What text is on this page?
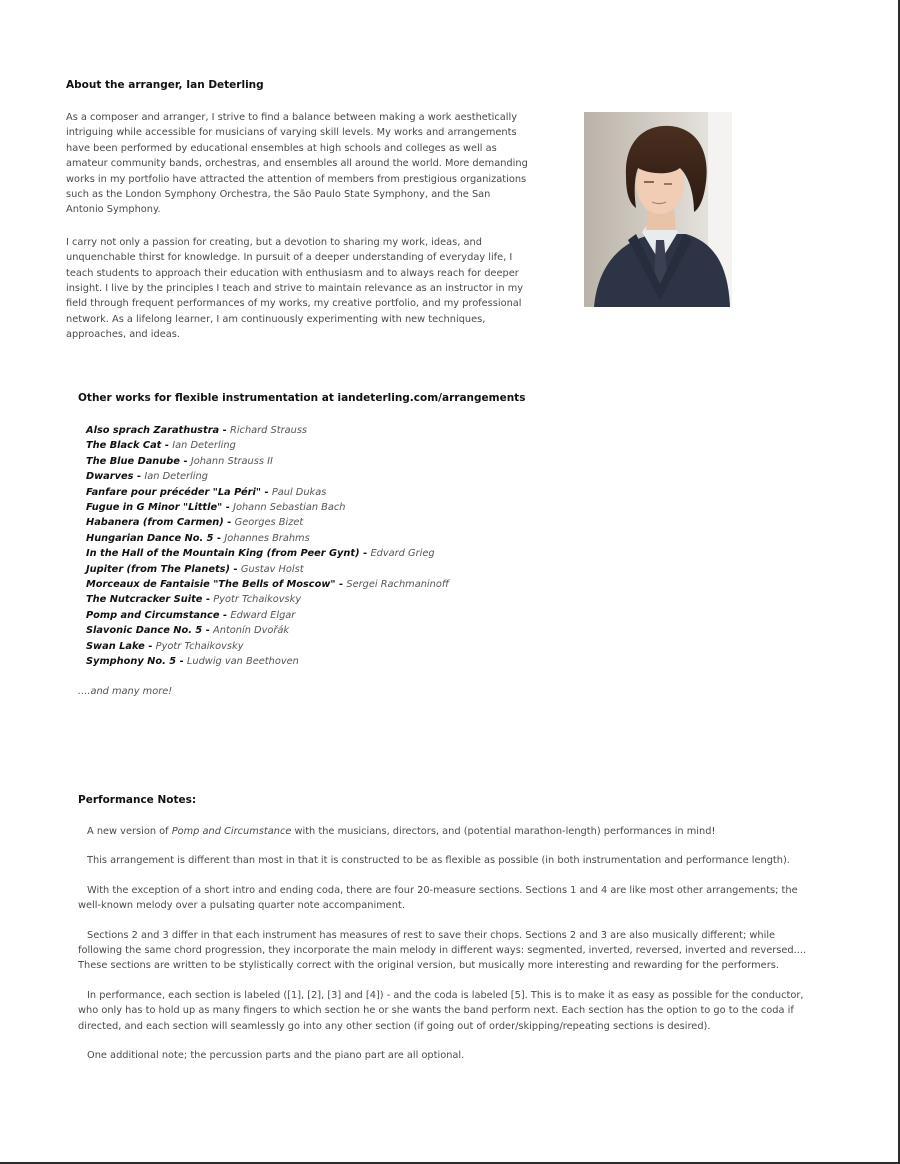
About the arranger, Ian Deterling

As a composer and arranger, I strive to find a balance between making a work aesthetically intriguing while accessible for musicians of varying skill levels. My works and arrangements have been performed by educational ensembles at high schools and colleges as well as amateur community bands, orchestras, and ensembles all around the world. More demanding works in my portfolio have attracted the attention of members from prestigious organizations such as the London Symphony Orchestra, the São Paulo State Symphony, and the San Antonio Symphony.

I carry not only a passion for creating, but a devotion to sharing my work, ideas, and unquenchable thirst for knowledge. In pursuit of a deeper understanding of everyday life, I teach students to approach their education with enthusiasm and to always reach for deeper insight. I live by the principles I teach and strive to maintain relevance as an instructor in my field through frequent performances of my works, my creative portfolio, and my professional network. As a lifelong learner, I am continuously experimenting with new techniques, approaches, and ideas.

Other works for flexible instrumentation at iandeterling.com/arrangements
Also sprach Zarathustra - Richard Strauss
The Black Cat - Ian Deterling
The Blue Danube - Johann Strauss II
Dwarves - Ian Deterling
Fanfare pour précéder "La Péri" - Paul Dukas
Fugue in G Minor "Little" - Johann Sebastian Bach
Habanera (from Carmen) - Georges Bizet
Hungarian Dance No. 5 - Johannes Brahms
In the Hall of the Mountain King (from Peer Gynt) - Edvard Grieg
Jupiter (from The Planets) - Gustav Holst
Morceaux de Fantaisie "The Bells of Moscow" - Sergei Rachmaninoff
The Nutcracker Suite - Pyotr Tchaikovsky
Pomp and Circumstance - Edward Elgar
Slavonic Dance No. 5 - Antonín Dvořák
Swan Lake - Pyotr Tchaikovsky
Symphony No. 5 - Ludwig van Beethoven

....and many more!

Performance Notes:

A new version of Pomp and Circumstance with the musicians, directors, and (potential marathon-length) performances in mind!

This arrangement is different than most in that it is constructed to be as flexible as possible (in both instrumentation and performance length).

With the exception of a short intro and ending coda, there are four 20-measure sections. Sections 1 and 4 are like most other arrangements; the well-known melody over a pulsating quarter note accompaniment.

Sections 2 and 3 differ in that each instrument has measures of rest to save their chops. Sections 2 and 3 are also musically different; while following the same chord progression, they incorporate the main melody in different ways: segmented, inverted, reversed, inverted and reversed.... These sections are written to be stylistically correct with the original version, but musically more interesting and rewarding for the performers.

In performance, each section is labeled ([1], [2], [3] and [4]) - and the coda is labeled [5]. This is to make it as easy as possible for the conductor, who only has to hold up as many fingers to which section he or she wants the band perform next. Each section has the option to go to the coda if directed, and each section will seamlessly go into any other section (if going out of order/skipping/repeating sections is desired).

One additional note; the percussion parts and the piano part are all optional.
